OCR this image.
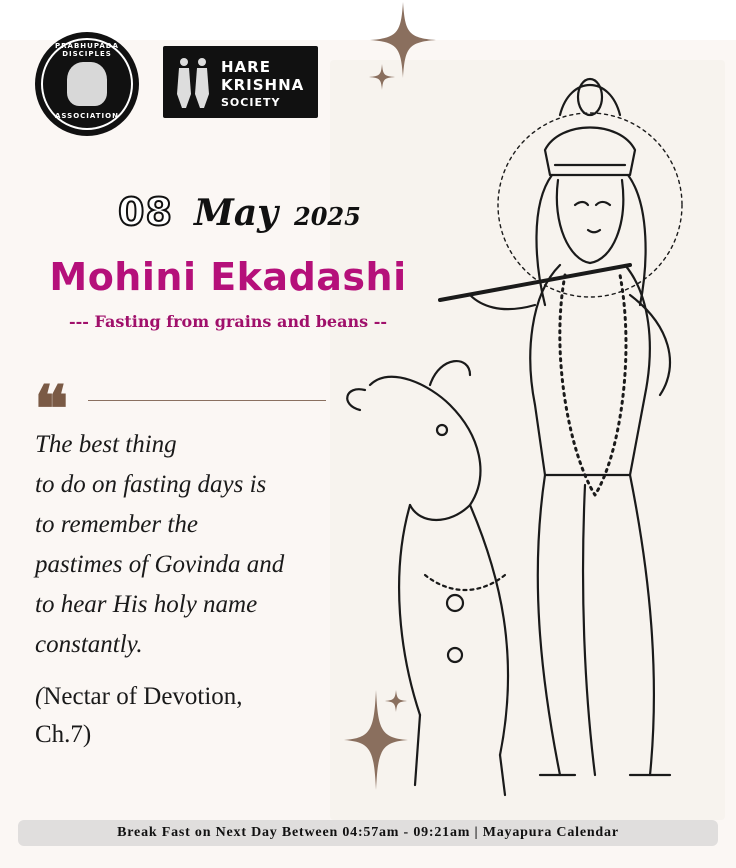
PRABHUPADA DISCIPLES
ASSOCIATION
HARE
KRISHNA
SOCIETY
08 May 2025
Mohini Ekadashi
--- Fasting from grains and beans --
❝
The best thing
to do on fasting days is
to remember the
pastimes of Govinda and
to hear His holy name
constantly.
(Nectar of Devotion,
Ch.7)
Break Fast on Next Day Between 04:57am - 09:21am | Mayapura Calendar
